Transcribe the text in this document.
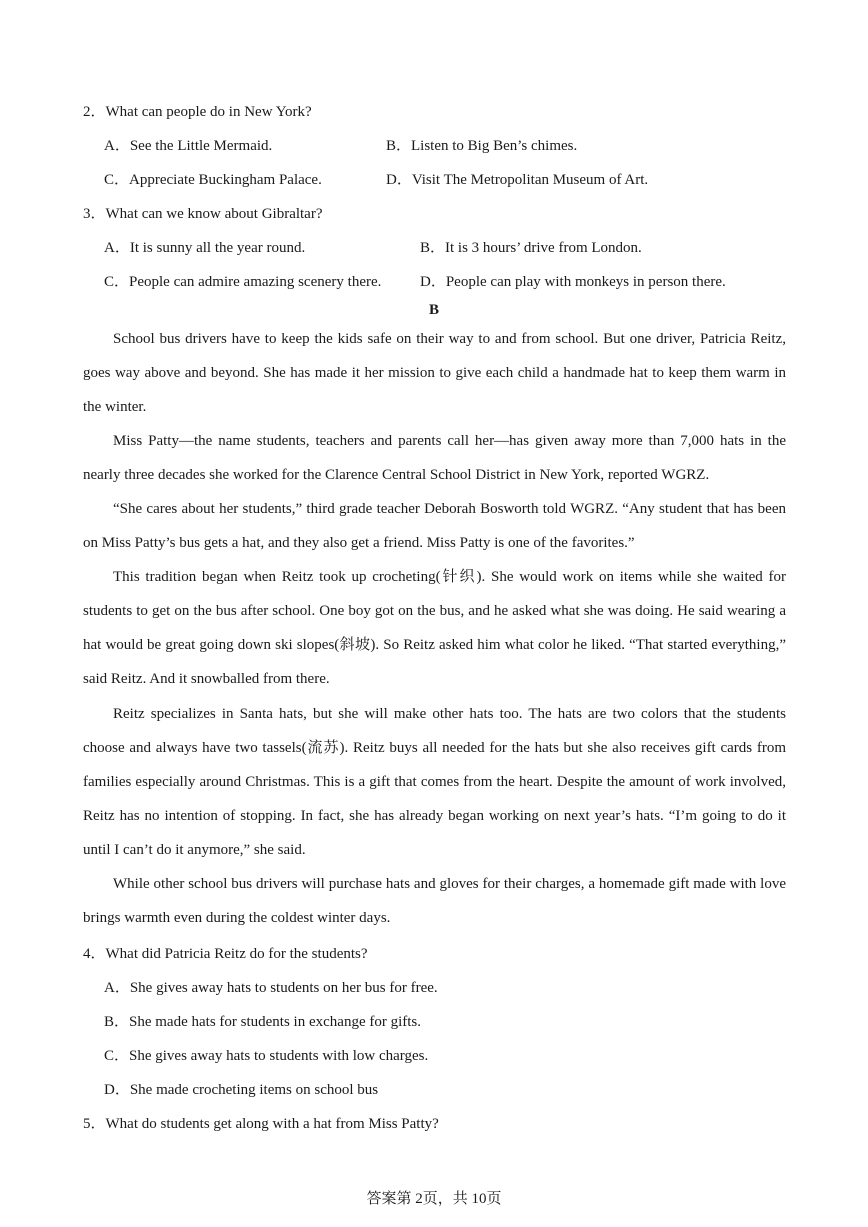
2．What can people do in New York?
A．See the Little Mermaid.	B．Listen to Big Ben’s chimes.
C．Appreciate Buckingham Palace.	D．Visit The Metropolitan Museum of Art.
3．What can we know about Gibraltar?
A．It is sunny all the year round.	B．It is 3 hours’ drive from London.
C．People can admire amazing scenery there.	D．People can play with monkeys in person there.
B
School bus drivers have to keep the kids safe on their way to and from school. But one driver, Patricia Reitz, goes way above and beyond. She has made it her mission to give each child a handmade hat to keep them warm in the winter.
Miss Patty—the name students, teachers and parents call her—has given away more than 7,000 hats in the nearly three decades she worked for the Clarence Central School District in New York, reported WGRZ.
“She cares about her students,” third grade teacher Deborah Bosworth told WGRZ. “Any student that has been on Miss Patty’s bus gets a hat, and they also get a friend. Miss Patty is one of the favorites.”
This tradition began when Reitz took up crocheting(针织). She would work on items while she waited for students to get on the bus after school. One boy got on the bus, and he asked what she was doing. He said wearing a hat would be great going down ski slopes(斜坡). So Reitz asked him what color he liked. “That started everything,” said Reitz. And it snowballed from there.
Reitz specializes in Santa hats, but she will make other hats too. The hats are two colors that the students choose and always have two tassels(流苏). Reitz buys all needed for the hats but she also receives gift cards from families especially around Christmas. This is a gift that comes from the heart. Despite the amount of work involved, Reitz has no intention of stopping. In fact, she has already began working on next year’s hats. “I’m going to do it until I can’t do it anymore,” she said.
While other school bus drivers will purchase hats and gloves for their charges, a homemade gift made with love brings warmth even during the coldest winter days.
4．What did Patricia Reitz do for the students?
A．She gives away hats to students on her bus for free.
B．She made hats for students in exchange for gifts.
C．She gives away hats to students with low charges.
D．She made crocheting items on school bus
5．What do students get along with a hat from Miss Patty?
答案第 2页，共 10页
